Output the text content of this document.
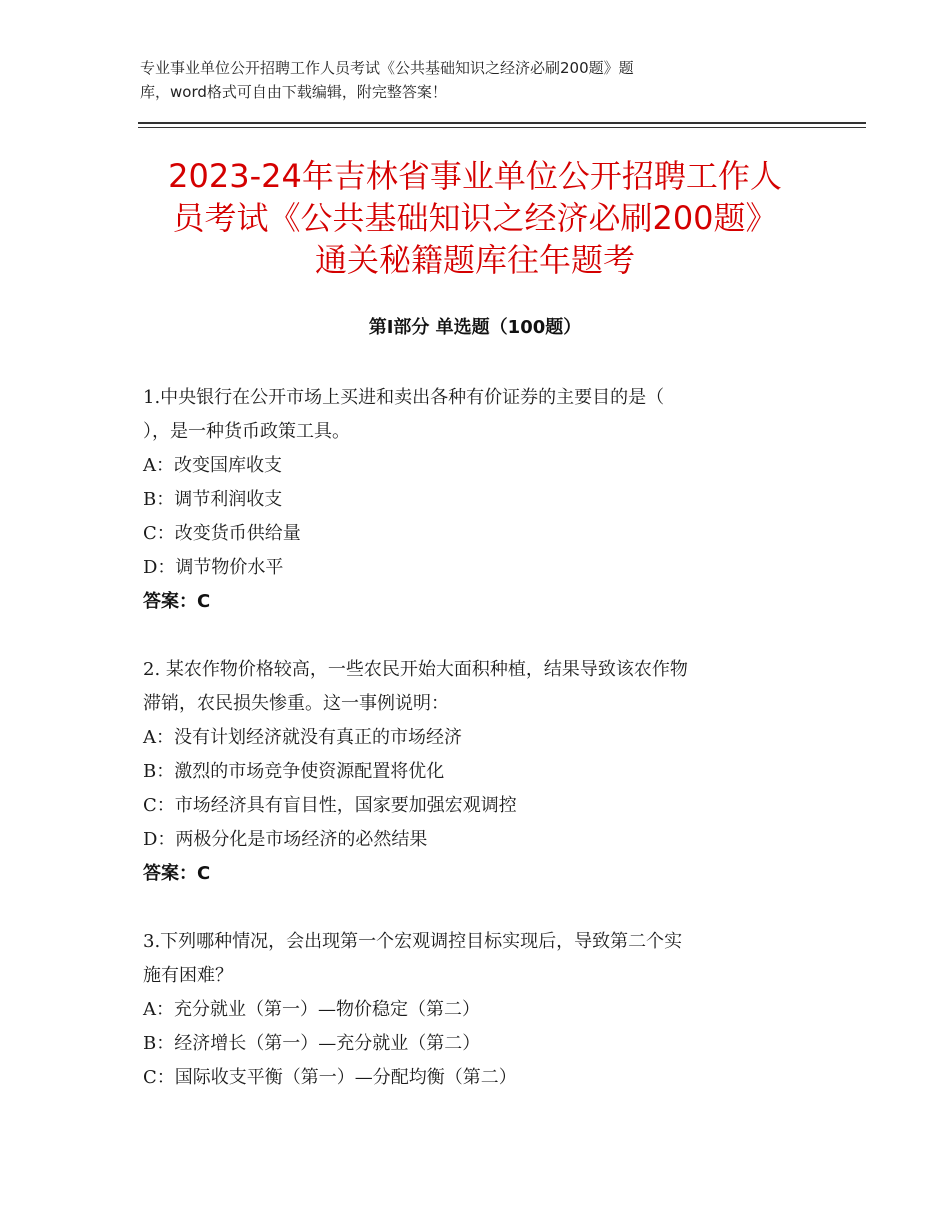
专业事业单位公开招聘工作人员考试《公共基础知识之经济必刷200题》题
库，word格式可自由下载编辑，附完整答案！
2023-24年吉林省事业单位公开招聘工作人
员考试《公共基础知识之经济必刷200题》
通关秘籍题库往年题考
第Ⅰ部分 单选题（100题）
1.中央银行在公开市场上买进和卖出各种有价证券的主要目的是（
），是一种货币政策工具。
A：改变国库收支
B：调节利润收支
C：改变货币供给量
D：调节物价水平
答案：C
2. 某农作物价格较高，一些农民开始大面积种植，结果导致该农作物
滞销，农民损失惨重。这一事例说明：
A：没有计划经济就没有真正的市场经济
B：激烈的市场竞争使资源配置将优化
C：市场经济具有盲目性，国家要加强宏观调控
D：两极分化是市场经济的必然结果
答案：C
3.下列哪种情况，会出现第一个宏观调控目标实现后，导致第二个实
施有困难？
A：充分就业（第一）—物价稳定（第二）
B：经济增长（第一）—充分就业（第二）
C：国际收支平衡（第一）—分配均衡（第二）
